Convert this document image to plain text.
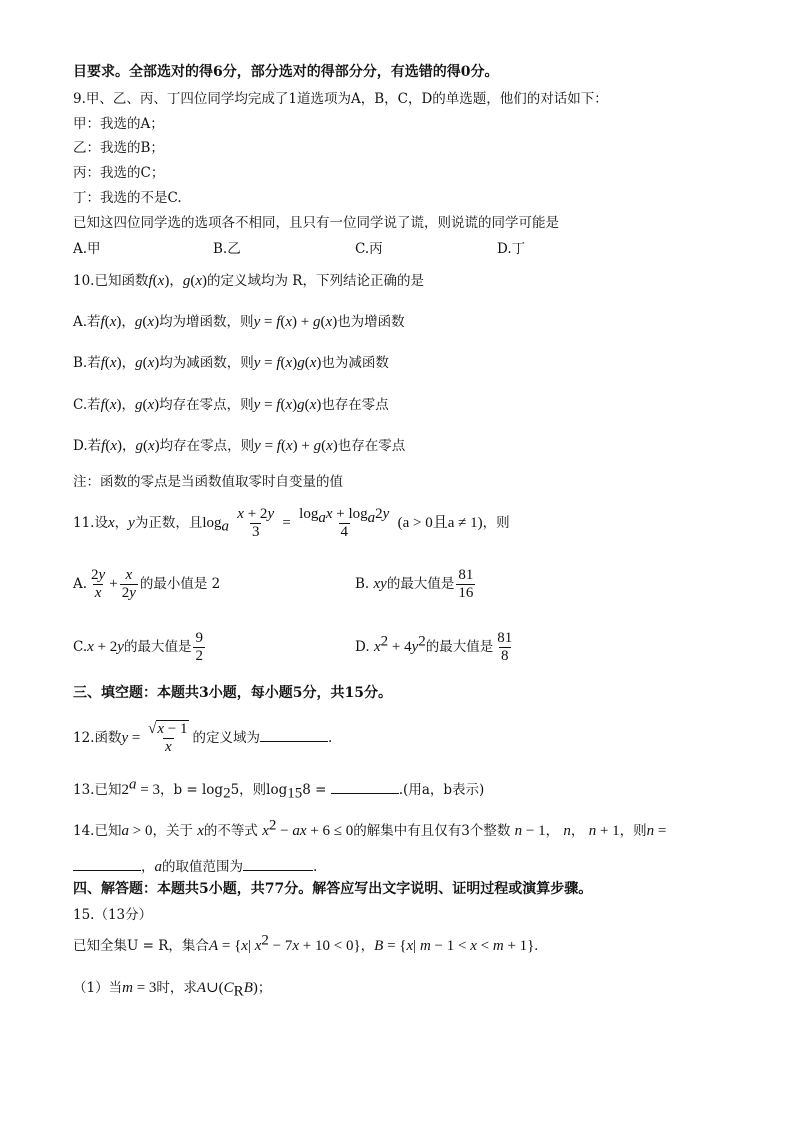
目要求。全部选对的得6分，部分选对的得部分分，有选错的得0分。
9.甲、乙、丙、丁四位同学均完成了1道选项为A，B，C，D的单选题，他们的对话如下：
甲：我选的A；
乙：我选的B；
丙：我选的C；
丁：我选的不是C.
已知这四位同学选的选项各不相同，且只有一位同学说了谎，则说谎的同学可能是
A.甲	B.乙	C.丙	D.丁
10.已知函数f(x)，g(x)的定义域均为 R，下列结论正确的是
A.若f(x)，g(x)均为增函数，则y = f(x) + g(x)也为增函数
B.若f(x)，g(x)均为减函数，则y = f(x)g(x)也为减函数
C.若f(x)，g(x)均存在零点，则y = f(x)g(x)也存在零点
D.若f(x)，g(x)均存在零点，则y = f(x) + g(x)也存在零点
注：函数的零点是当函数值取零时自变量的值
11.设x，y为正数，且$\log_a \frac{x + 2y}{3} = \frac{\log_ax + \log_a2y}{4} (a > 0$且a ≠ 1)，则
A. $\frac{2y}{x} + \frac{x}{2y}$ 的最小值是 2	B. xy的最大值是 $\frac{81}{16}$
C.x + 2y的最大值是 $\frac{9}{2}$	D. $x^2 + 4y^2$的最大值是 $\frac{81}{8}$
三、填空题：本题共3小题，每小题5分，共15分。
12.函数$y = \frac{√x - 1}{x}$ 的定义域为	.
13.已知$2^a = 3$，$b = \log_25$，则$\log_{15}8$ =	.(用a，b表示)
14.已知a > 0，关于 x的不等式 $x^2$ − ax + 6 ≤ 0的解集中有且仅有3个整数 n − 1， n， n + 1，则n =
，a的取值范围为	.
四、解答题：本题共5小题，共77分。解答应写出文字说明、证明过程或演算步骤。
15.（13分）
已知全集U = R，集合A = {x| $x^2 - 7x + 10 < 0$}，B = {x| m − 1 < x < m + 1}.
（1）当m = 3时，求$A\cup(C_RB)$；
